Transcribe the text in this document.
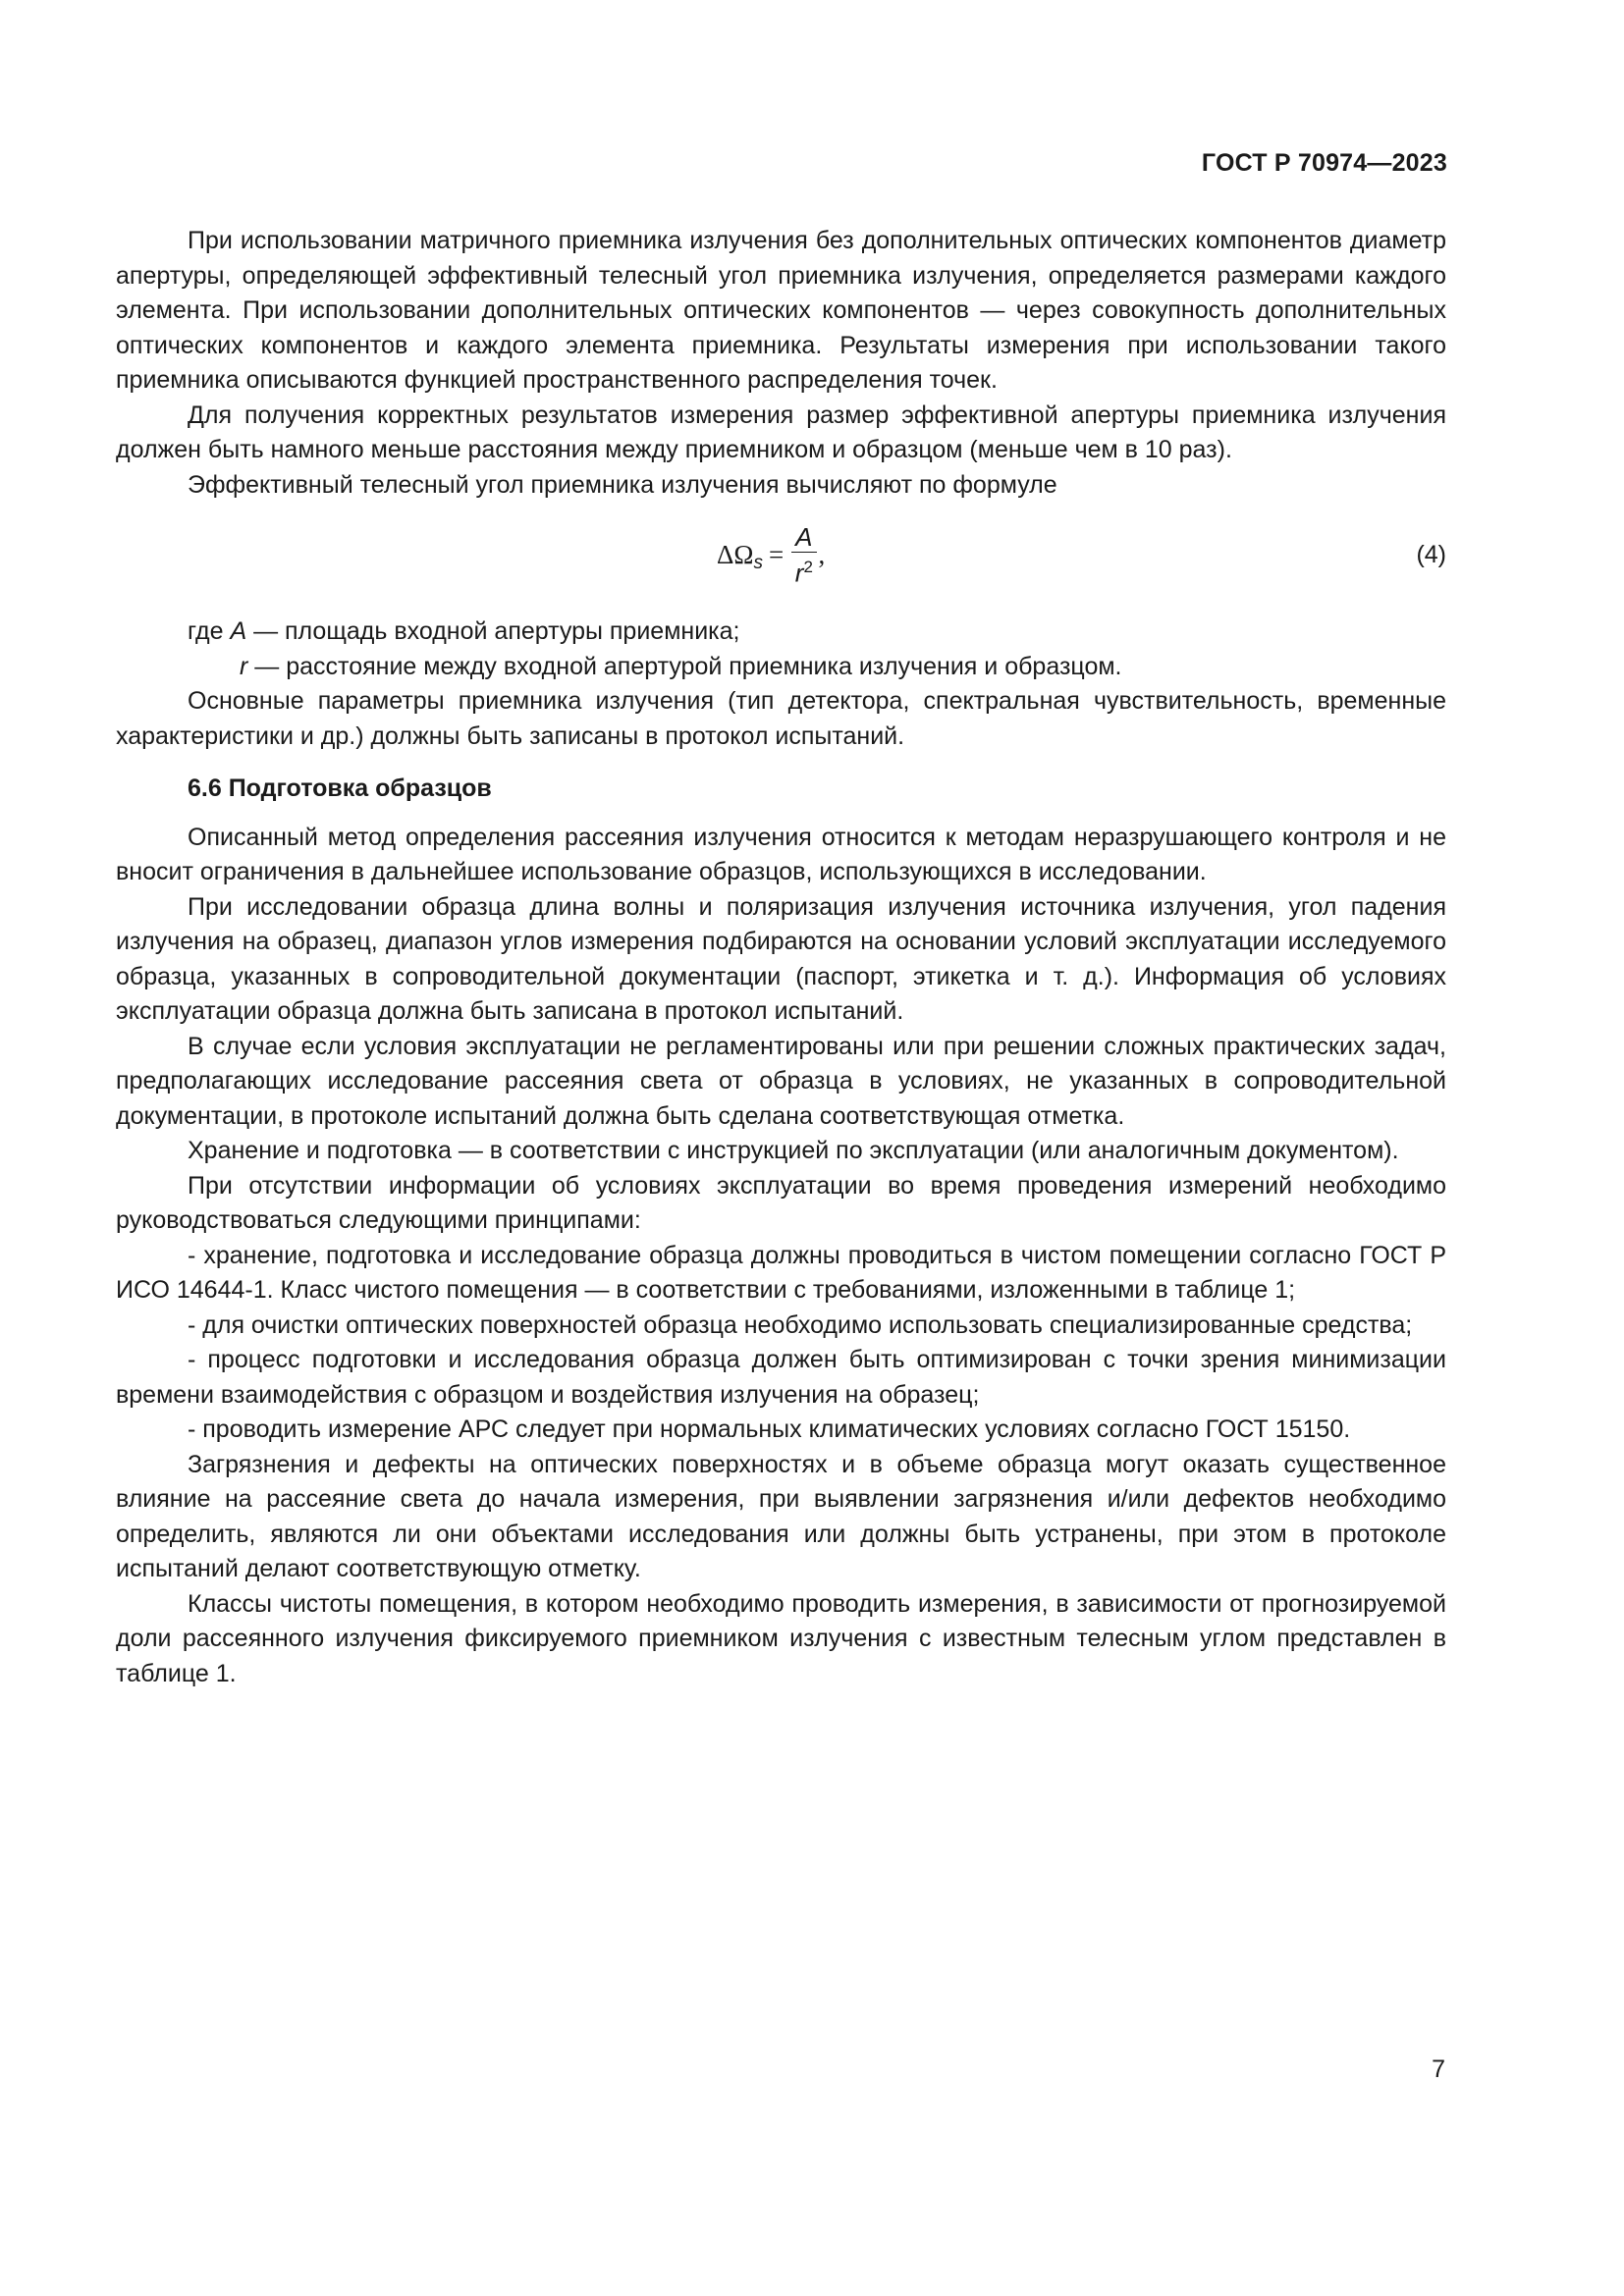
ГОСТ Р 70974—2023

При использовании матричного приемника излучения без дополнительных оптических компонентов диаметр апертуры, определяющей эффективный телесный угол приемника излучения, определяется размерами каждого элемента. При использовании дополнительных оптических компонентов — через совокупность дополнительных оптических компонентов и каждого элемента приемника. Результаты измерения при использовании такого приемника описываются функцией пространственного распределения точек.

Для получения корректных результатов измерения размер эффективной апертуры приемника излучения должен быть намного меньше расстояния между приемником и образцом (меньше чем в 10 раз).

Эффективный телесный угол приемника излучения вычисляют по формуле

ΔΩ $s = \frac{A}{r^2}$ ,	(4)

где A — площадь входной апертуры приемника;

r — расстояние между входной апертурой приемника излучения и образцом.

Основные параметры приемника излучения (тип детектора, спектральная чувствительность, временные характеристики и др.) должны быть записаны в протокол испытаний.

6.6 Подготовка образцов

Описанный метод определения рассеяния излучения относится к методам неразрушающего контроля и не вносит ограничения в дальнейшее использование образцов, использующихся в исследовании.

При исследовании образца длина волны и поляризация излучения источника излучения, угол падения излучения на образец, диапазон углов измерения подбираются на основании условий эксплуатации исследуемого образца, указанных в сопроводительной документации (паспорт, этикетка и т. д.). Информация об условиях эксплуатации образца должна быть записана в протокол испытаний.

В случае если условия эксплуатации не регламентированы или при решении сложных практических задач, предполагающих исследование рассеяния света от образца в условиях, не указанных в сопроводительной документации, в протоколе испытаний должна быть сделана соответствующая отметка.

Хранение и подготовка — в соответствии с инструкцией по эксплуатации (или аналогичным документом).

При отсутствии информации об условиях эксплуатации во время проведения измерений необходимо руководствоваться следующими принципами:

- хранение, подготовка и исследование образца должны проводиться в чистом помещении согласно ГОСТ Р ИСО 14644-1. Класс чистого помещения — в соответствии с требованиями, изложенными в таблице 1;

- для очистки оптических поверхностей образца необходимо использовать специализированные средства;

- процесс подготовки и исследования образца должен быть оптимизирован с точки зрения минимизации времени взаимодействия с образцом и воздействия излучения на образец;

- проводить измерение АРС следует при нормальных климатических условиях согласно ГОСТ 15150.

Загрязнения и дефекты на оптических поверхностях и в объеме образца могут оказать существенное влияние на рассеяние света до начала измерения, при выявлении загрязнения и/или дефектов необходимо определить, являются ли они объектами исследования или должны быть устранены, при этом в протоколе испытаний делают соответствующую отметку.

Классы чистоты помещения, в котором необходимо проводить измерения, в зависимости от прогнозируемой доли рассеянного излучения фиксируемого приемником излучения с известным телесным углом представлен в таблице 1.

7
